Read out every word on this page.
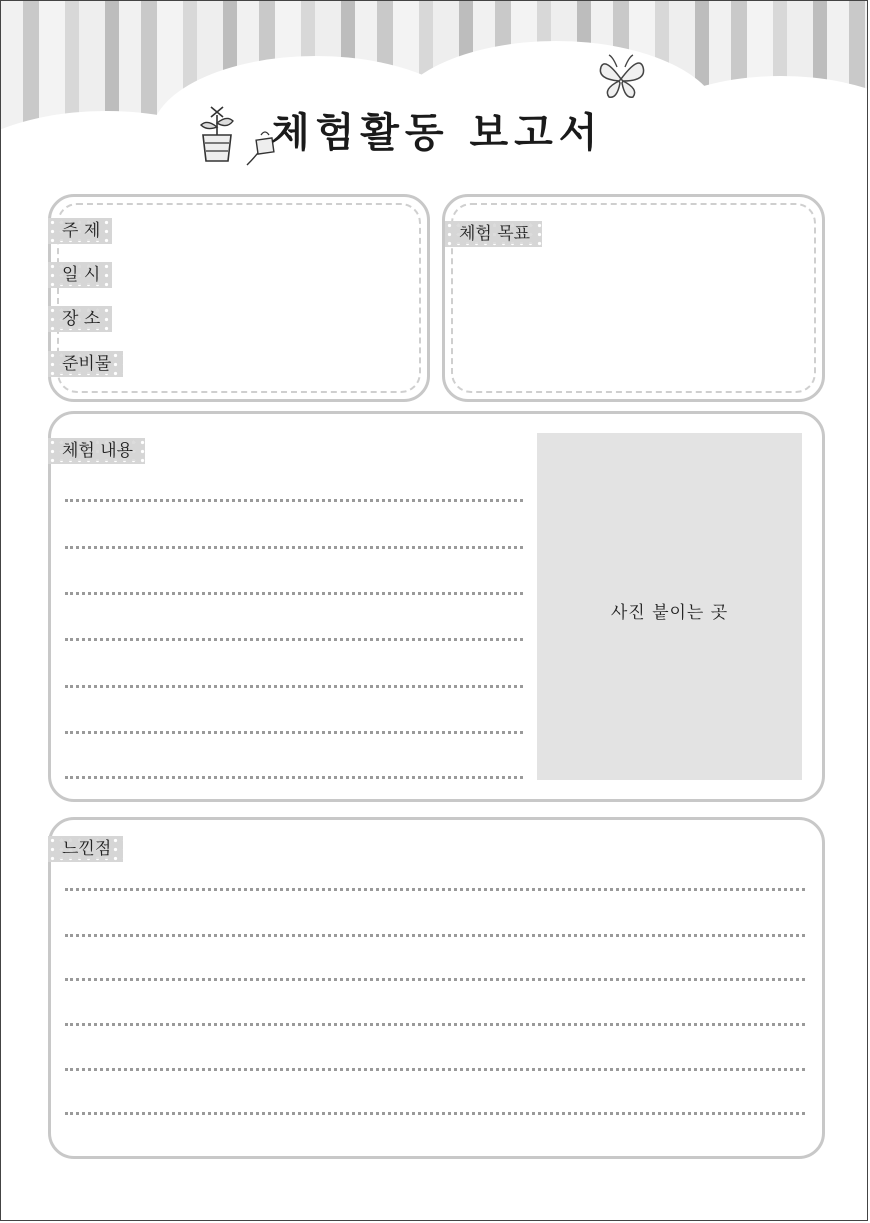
체험활동 보고서
주 제
일 시
장 소
준비물
체험 목표
체험 내용
사진 붙이는 곳
느낀점
